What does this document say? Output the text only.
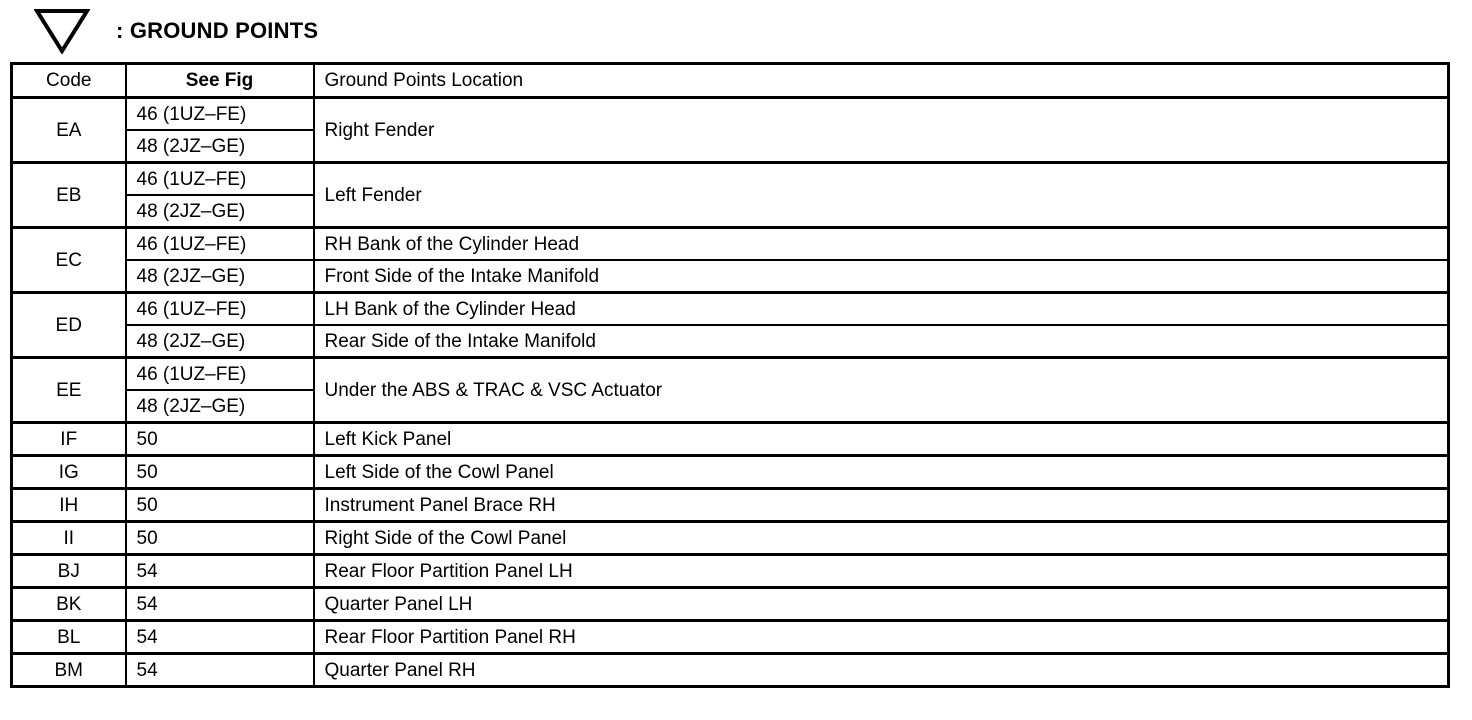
: GROUND POINTS
Code	See Fig	Ground Points Location
EA	46 (1UZ–FE)	Right Fender
	48 (2JZ–GE)	
EB	46 (1UZ–FE)	Left Fender
	48 (2JZ–GE)	
EC	46 (1UZ–FE)	RH Bank of the Cylinder Head
	48 (2JZ–GE)	Front Side of the Intake Manifold
ED	46 (1UZ–FE)	LH Bank of the Cylinder Head
	48 (2JZ–GE)	Rear Side of the Intake Manifold
EE	46 (1UZ–FE)	Under the ABS & TRAC & VSC Actuator
	48 (2JZ–GE)	
IF	50	Left Kick Panel
IG	50	Left Side of the Cowl Panel
IH	50	Instrument Panel Brace RH
II	50	Right Side of the Cowl Panel
BJ	54	Rear Floor Partition Panel LH
BK	54	Quarter Panel LH
BL	54	Rear Floor Partition Panel RH
BM	54	Quarter Panel RH
